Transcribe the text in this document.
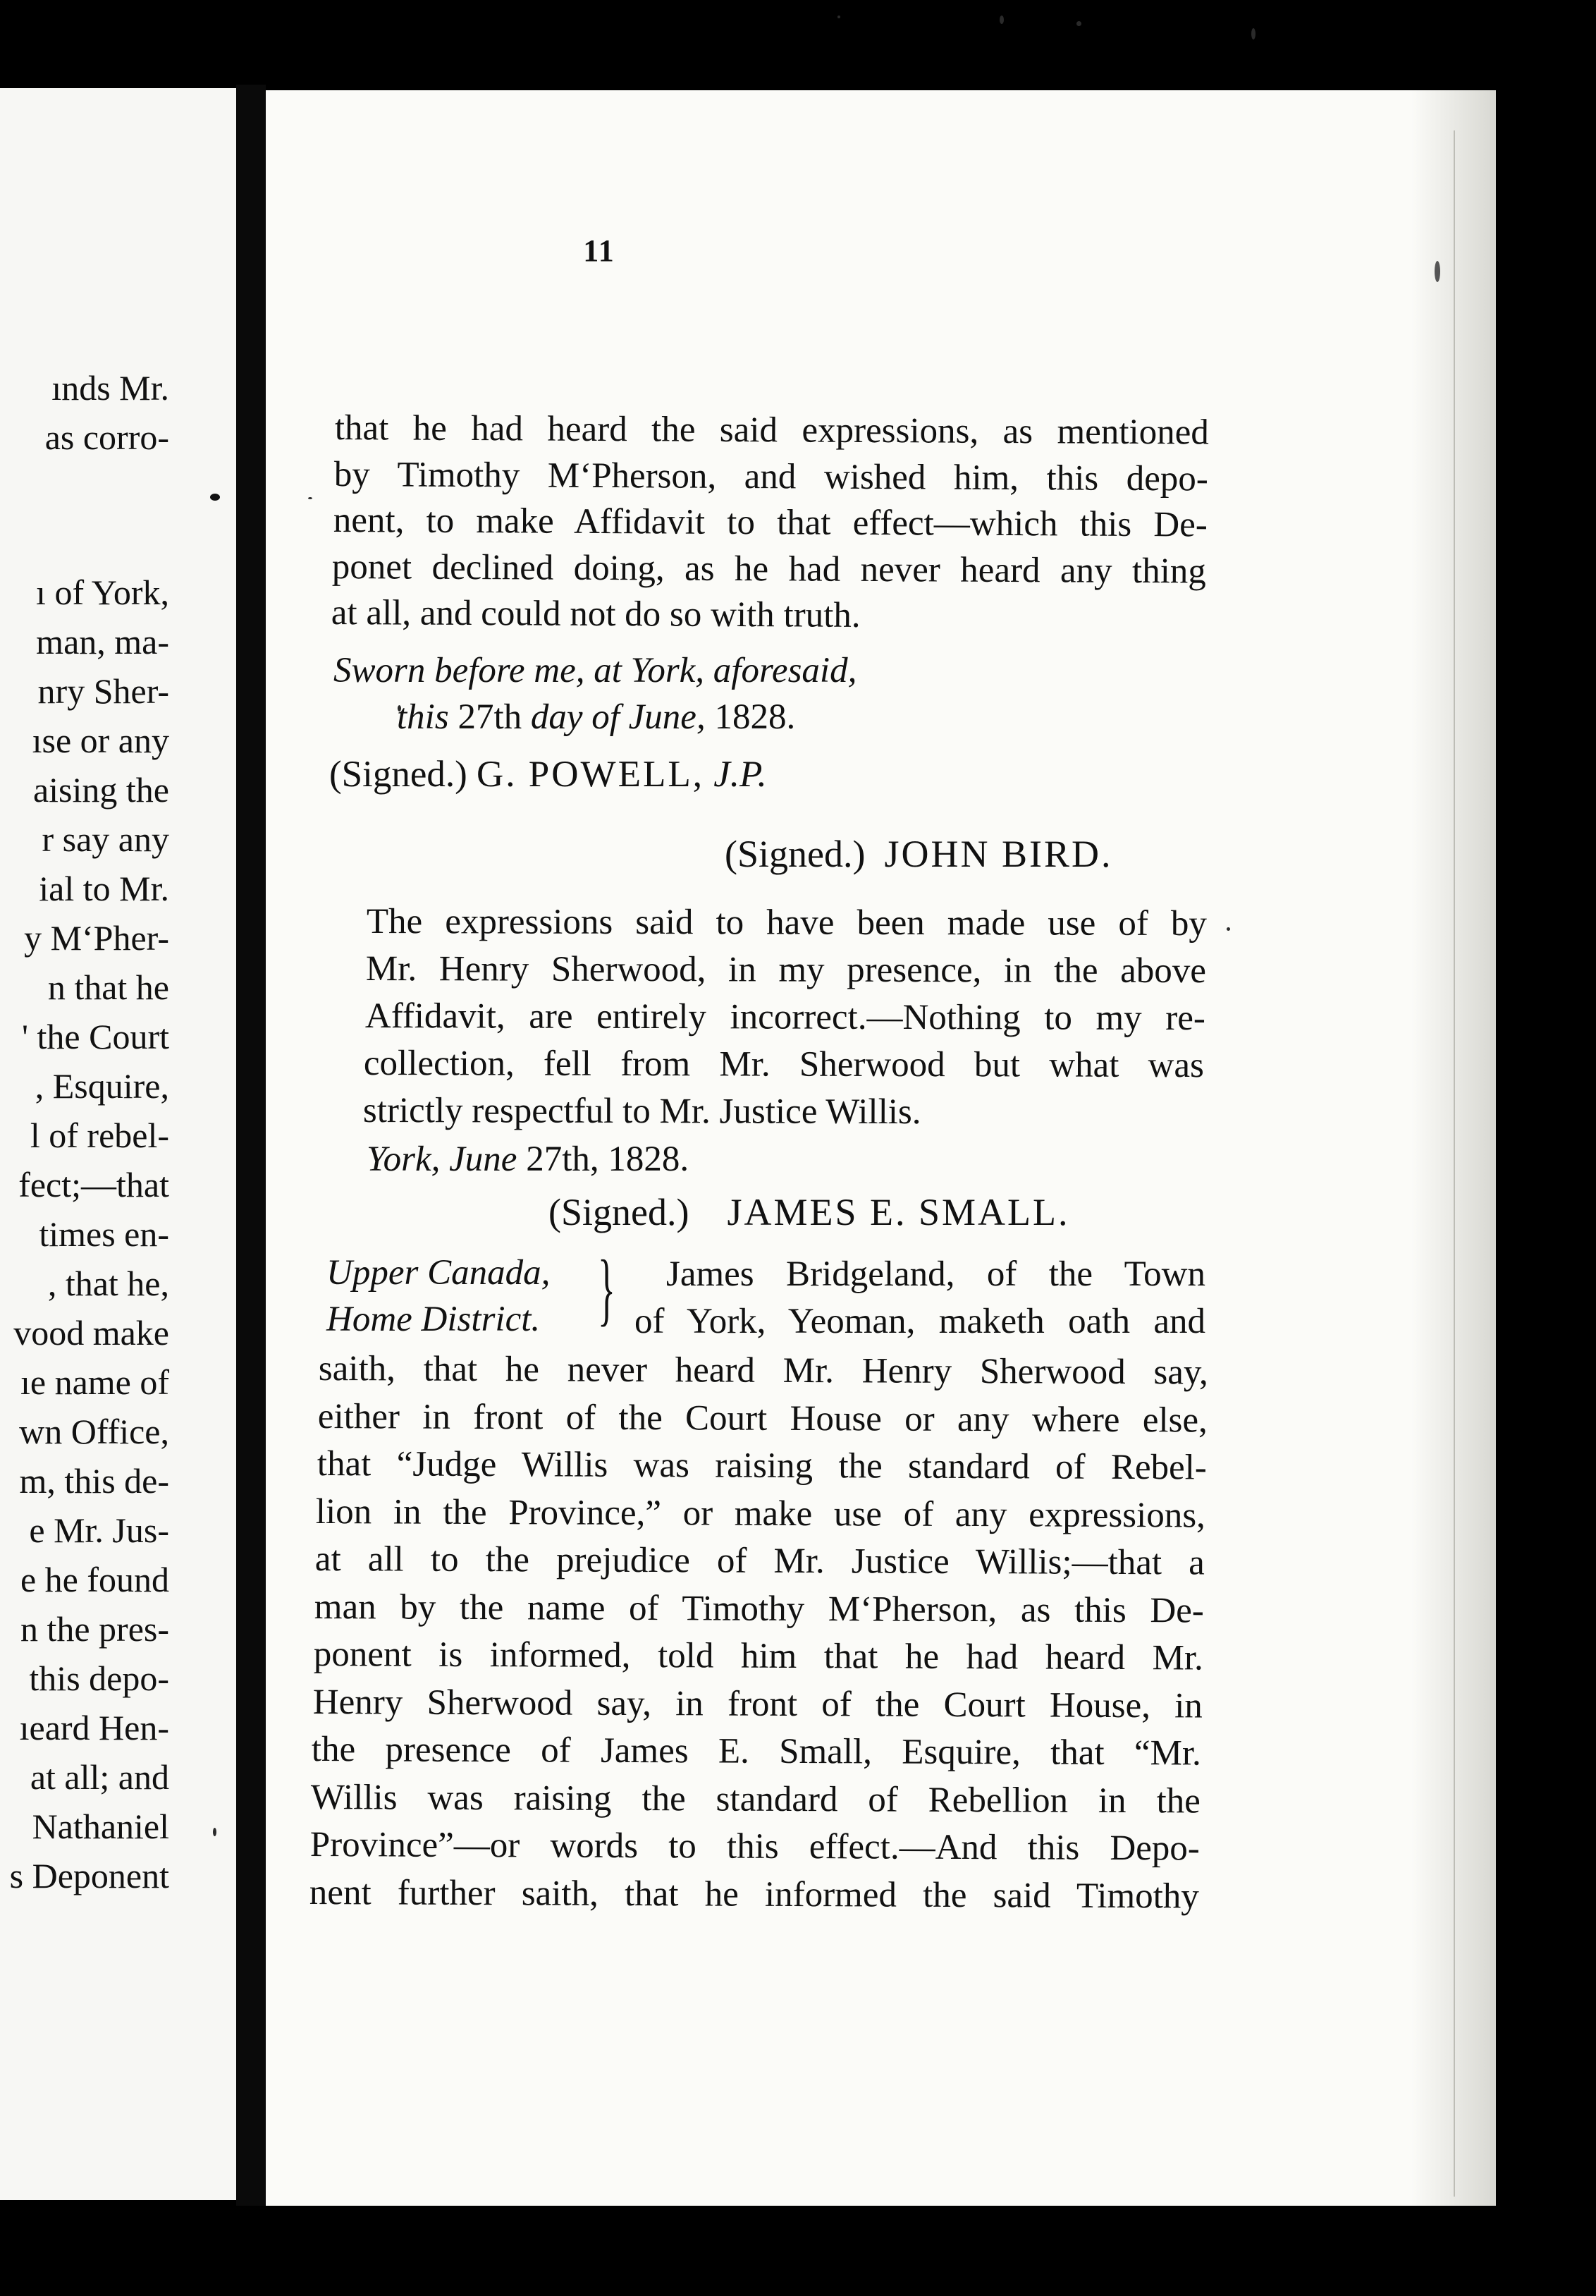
ınds Mr.
as corro-
ı of York,
man, ma-
nry Sher-
ıse or any
aising the
r say any
ial to Mr.
y M‘Pher-
n that he
' the Court
, Esquire,
l of rebel-
fect;—that
times en-
, that he,
vood make
ıe name of
wn Office,
m, this de-
e Mr. Jus-
e he found
n the pres-
this depo-
ıeard Hen-
at all; and
Nathaniel
s Deponent
11
that he had heard the said expressions, as mentioned
by Timothy M‘Pherson, and wished him, this depo-
nent, to make Affidavit to that effect—which this De-
ponet declined doing, as he had never heard any thing
at all, and could not do so with truth.
Sworn before me, at York, aforesaid,
this 27th day of June, 1828.
(Signed.) G. POWELL, J.P.
(Signed.) JOHN BIRD.
The expressions said to have been made use of by
Mr. Henry Sherwood, in my presence, in the above
Affidavit, are entirely incorrect.—Nothing to my re-
collection, fell from Mr. Sherwood but what was
strictly respectful to Mr. Justice Willis.
York, June 27th, 1828.
(Signed.) JAMES E. SMALL.
Upper Canada,
Home District. } James Bridgeland, of the Town
of York, Yeoman, maketh oath and
saith, that he never heard Mr. Henry Sherwood say,
either in front of the Court House or any where else,
that “Judge Willis was raising the standard of Rebel-
lion in the Province,” or make use of any expressions,
at all to the prejudice of Mr. Justice Willis;—that a
man by the name of Timothy M‘Pherson, as this De-
ponent is informed, told him that he had heard Mr.
Henry Sherwood say, in front of the Court House, in
the presence of James E. Small, Esquire, that “Mr.
Willis was raising the standard of Rebellion in the
Province”—or words to this effect.—And this Depo-
nent further saith, that he informed the said Timothy
